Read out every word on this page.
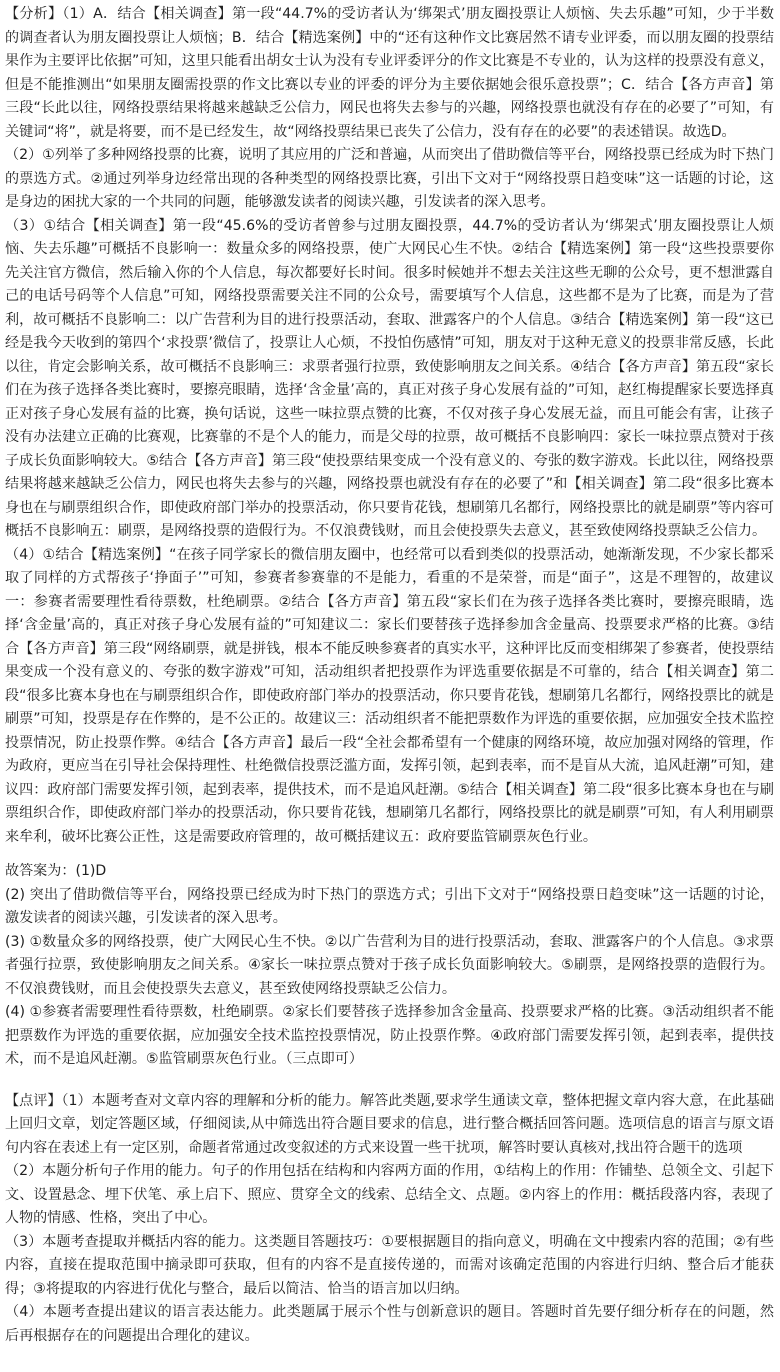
【分析】（1）A．结合【相关调查】第一段“44.7%的受访者认为‘绑架式’朋友圈投票让人烦恼、失去乐趣”可知，少于半数的调查者认为朋友圈投票让人烦恼；B．结合【精选案例】中的“还有这种作文比赛居然不请专业评委，而以朋友圈的投票结果作为主要评比依据”可知，这里只能看出胡女士认为没有专业评委评分的作文比赛是不专业的，认为这样的投票没有意义，但是不能推测出“如果朋友圈需投票的作文比赛以专业的评委的评分为主要依据她会很乐意投票”；C．结合【各方声音】第三段“长此以往，网络投票结果将越来越缺乏公信力，网民也将失去参与的兴趣，网络投票也就没有存在的必要了”可知，有关键词“将”，就是将要，而不是已经发生，故“网络投票结果已丧失了公信力，没有存在的必要”的表述错误。故选D。

（2）①列举了多种网络投票的比赛，说明了其应用的广泛和普遍，从而突出了借助微信等平台，网络投票已经成为时下热门的票选方式。②通过列举身边经常出现的各种类型的网络投票比赛，引出下文对于“网络投票日趋变味”这一话题的讨论，这是身边的困扰大家的一个共同的问题，能够激发读者的阅读兴趣，引发读者的深入思考。

（3）①结合【相关调查】第一段“45.6%的受访者曾参与过朋友圈投票，44.7%的受访者认为‘绑架式’朋友圈投票让人烦恼、失去乐趣”可概括不良影响一：数量众多的网络投票，使广大网民心生不快。②结合【精选案例】第一段“这些投票要你先关注官方微信，然后输入你的个人信息，每次都要好长时间。很多时候她并不想去关注这些无聊的公众号，更不想泄露自己的电话号码等个人信息”可知，网络投票需要关注不同的公众号，需要填写个人信息，这些都不是为了比赛，而是为了营利，故可概括不良影响二：以广告营利为目的进行投票活动，套取、泄露客户的个人信息。③结合【精选案例】第一段“这已经是我今天收到的第四个‘求投票’微信了，投票让人心烦，不投怕伤感情”可知，朋友对于这种无意义的投票非常反感，长此以往，肯定会影响关系，故可概括不良影响三：求票者强行拉票，致使影响朋友之间关系。④结合【各方声音】第五段“家长们在为孩子选择各类比赛时，要擦亮眼睛，选择‘含金量’高的，真正对孩子身心发展有益的”可知，赵红梅提醒家长要选择真正对孩子身心发展有益的比赛，换句话说，这些一味拉票点赞的比赛，不仅对孩子身心发展无益，而且可能会有害，让孩子没有办法建立正确的比赛观，比赛靠的不是个人的能力，而是父母的拉票，故可概括不良影响四：家长一味拉票点赞对于孩子成长负面影响较大。⑤结合【各方声音】第三段“使投票结果变成一个没有意义的、夸张的数字游戏。长此以往，网络投票结果将越来越缺乏公信力，网民也将失去参与的兴趣，网络投票也就没有存在的必要了”和【相关调查】第二段“很多比赛本身也在与刷票组织合作，即使政府部门举办的投票活动，你只要肯花钱，想刷第几名都行，网络投票比的就是刷票”等内容可概括不良影响五：刷票，是网络投票的造假行为。不仅浪费钱财，而且会使投票失去意义，甚至致使网络投票缺乏公信力。

（4）①结合【精选案例】“在孩子同学家长的微信朋友圈中，也经常可以看到类似的投票活动，她渐渐发现，不少家长都采取了同样的方式帮孩子‘挣面子’”可知，参赛者参赛靠的不是能力，看重的不是荣誉，而是“面子”，这是不理智的，故建议一：参赛者需要理性看待票数，杜绝刷票。②结合【各方声音】第五段“家长们在为孩子选择各类比赛时，要擦亮眼睛，选择‘含金量’高的，真正对孩子身心发展有益的”可知建议二：家长们要替孩子选择参加含金量高、投票要求严格的比赛。③结合【各方声音】第三段“网络刷票，就是拼钱，根本不能反映参赛者的真实水平，这种评比反而变相绑架了参赛者，使投票结果变成一个没有意义的、夸张的数字游戏”可知，活动组织者把投票作为评选重要依据是不可靠的，结合【相关调查】第二段“很多比赛本身也在与刷票组织合作，即使政府部门举办的投票活动，你只要肯花钱，想刷第几名都行，网络投票比的就是刷票”可知，投票是存在作弊的，是不公正的。故建议三：活动组织者不能把票数作为评选的重要依据，应加强安全技术监控投票情况，防止投票作弊。④结合【各方声音】最后一段“全社会都希望有一个健康的网络环境，故应加强对网络的管理，作为政府，更应当在引导社会保持理性、杜绝微信投票泛滥方面，发挥引领，起到表率，而不是盲从大流，追风赶潮”可知，建议四：政府部门需要发挥引领，起到表率，提供技术，而不是追风赶潮。⑤结合【相关调查】第二段“很多比赛本身也在与刷票组织合作，即使政府部门举办的投票活动，你只要肯花钱，想刷第几名都行，网络投票比的就是刷票”可知，有人利用刷票来牟利，破坏比赛公正性，这是需要政府管理的，故可概括建议五：政府要监管刷票灰色行业。

故答案为：(1)D

(2) 突出了借助微信等平台，网络投票已经成为时下热门的票选方式；引出下文对于“网络投票日趋变味”这一话题的讨论，激发读者的阅读兴趣，引发读者的深入思考。

(3) ①数量众多的网络投票，使广大网民心生不快。②以广告营利为目的进行投票活动，套取、泄露客户的个人信息。③求票者强行拉票，致使影响朋友之间关系。④家长一味拉票点赞对于孩子成长负面影响较大。⑤刷票，是网络投票的造假行为。不仅浪费钱财，而且会使投票失去意义，甚至致使网络投票缺乏公信力。

(4) ①参赛者需要理性看待票数，杜绝刷票。②家长们要替孩子选择参加含金量高、投票要求严格的比赛。③活动组织者不能把票数作为评选的重要依据，应加强安全技术监控投票情况，防止投票作弊。④政府部门需要发挥引领，起到表率，提供技术，而不是追风赶潮。⑤监管刷票灰色行业。（三点即可）

【点评】（1）本题考查对文章内容的理解和分析的能力。解答此类题,要求学生通读文章，整体把握文章内容大意，在此基础上回归文章，划定答题区域，仔细阅读,从中筛选出符合题目要求的信息，进行整合概括回答问题。选项信息的语言与原文语句内容在表述上有一定区别，命题者常通过改变叙述的方式来设置一些干扰项，解答时要认真核对,找出符合题干的选项

（2）本题分析句子作用的能力。句子的作用包括在结构和内容两方面的作用，①结构上的作用：作铺垫、总领全文、引起下文、设置悬念、埋下伏笔、承上启下、照应、贯穿全文的线索、总结全文、点题。②内容上的作用：概括段落内容，表现了人物的情感、性格，突出了中心。

（3）本题考查提取并概括内容的能力。这类题目答题技巧：①要根据题目的指向意义，明确在文中搜索内容的范围；②有些内容，直接在提取范围中摘录即可获取，但有的内容不是直接传递的，而需对该确定范围的内容进行归纳、整合后才能获得；③将提取的内容进行优化与整合，最后以简洁、恰当的语言加以归纳。

（4）本题考查提出建议的语言表达能力。此类题属于展示个性与创新意识的题目。答题时首先要仔细分析存在的问题，然后再根据存在的问题提出合理化的建议。
